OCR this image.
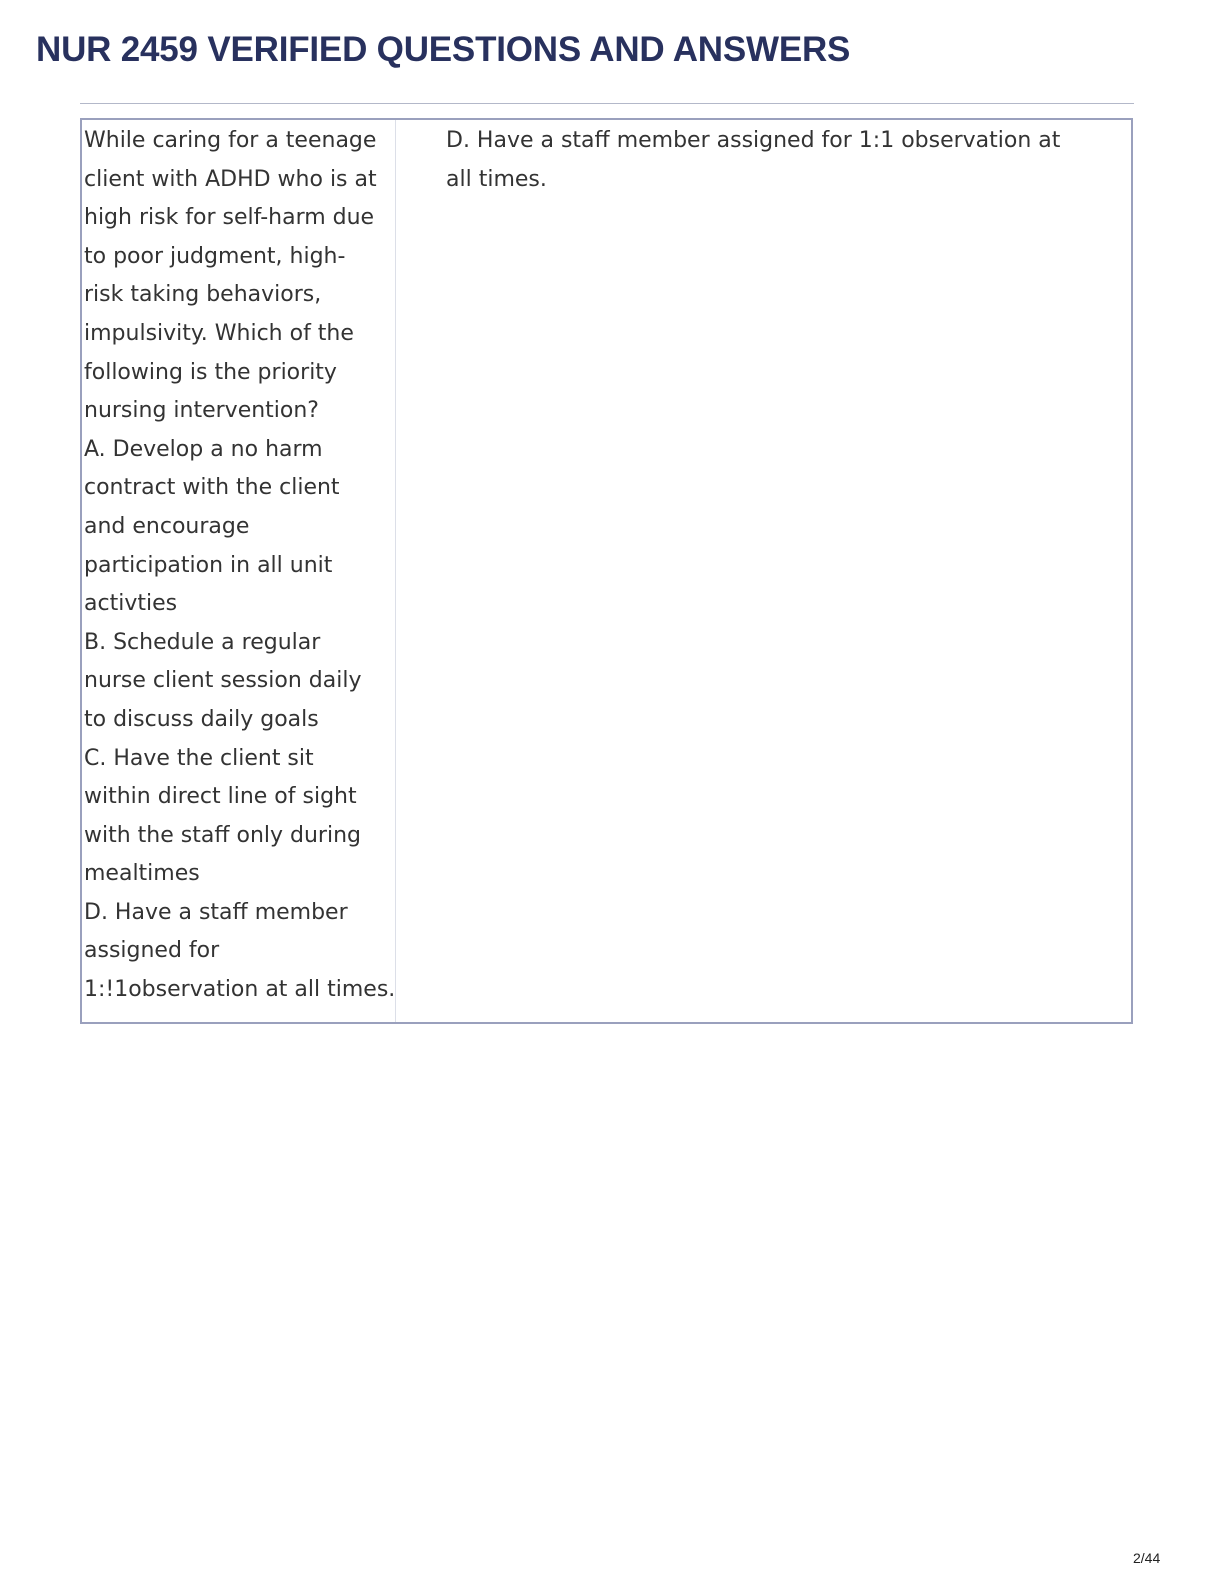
NUR 2459 VERIFIED QUESTIONS AND ANSWERS
While caring for a teenage
client with ADHD who is at
high risk for self-harm due
to poor judgment, high-
risk taking behaviors,
impulsivity. Which of the
following is the priority
nursing intervention?
A. Develop a no harm
contract with the client
and encourage
participation in all unit
activties
B. Schedule a regular
nurse client session daily
to discuss daily goals
C. Have the client sit
within direct line of sight
with the staff only during
mealtimes
D. Have a staff member
assigned for
1:!1observation at all times.
D. Have a staff member assigned for 1:1 observation at
all times.
2/44
